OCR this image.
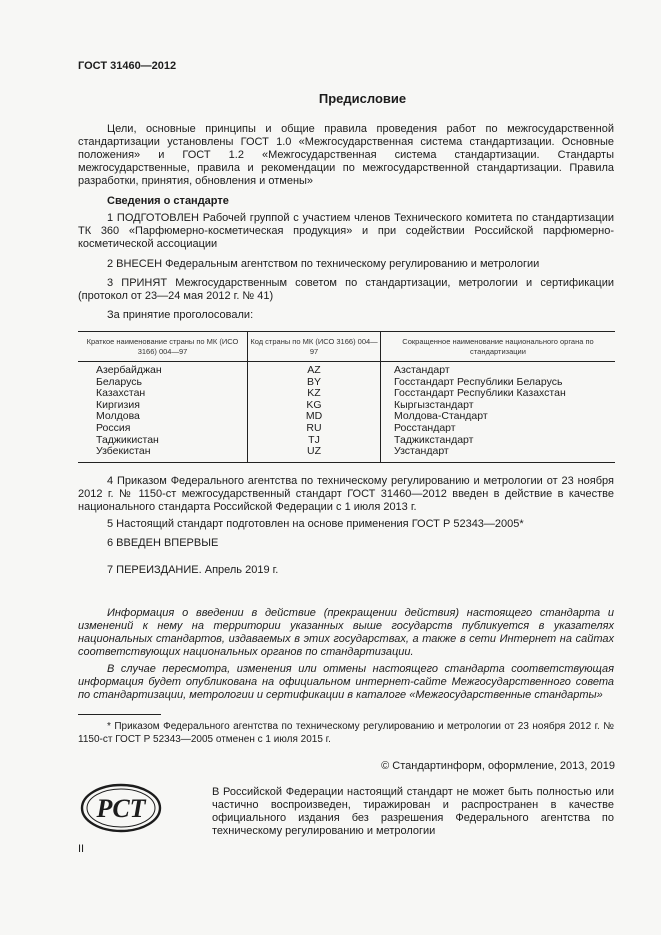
ГОСТ 31460—2012
Предисловие
Цели, основные принципы и общие правила проведения работ по межгосударственной стандартизации установлены ГОСТ 1.0 «Межгосударственная система стандартизации. Основные положения» и ГОСТ 1.2 «Межгосударственная система стандартизации. Стандарты межгосударственные, правила и рекомендации по межгосударственной стандартизации. Правила разработки, принятия, обновления и отмены»
Сведения о стандарте
1 ПОДГОТОВЛЕН Рабочей группой с участием членов Технического комитета по стандартизации ТК 360 «Парфюмерно-косметическая продукция» и при содействии Российской парфюмерно-косметической ассоциации
2 ВНЕСЕН Федеральным агентством по техническому регулированию и метрологии
3 ПРИНЯТ Межгосударственным советом по стандартизации, метрологии и сертификации (протокол от 23—24 мая 2012 г. № 41)
За принятие проголосовали:
Краткое наименование страны по МК (ИСО 3166) 004—97	Код страны по МК (ИСО 3166) 004—97	Сокращенное наименование национального органа по стандартизации
Азербайджан	AZ	Азстандарт
Беларусь	BY	Госстандарт Республики Беларусь
Казахстан	KZ	Госстандарт Республики Казахстан
Киргизия	KG	Кыргызстандарт
Молдова	MD	Молдова-Стандарт
Россия	RU	Росстандарт
Таджикистан	TJ	Таджикстандарт
Узбекистан	UZ	Узстандарт
4 Приказом Федерального агентства по техническому регулированию и метрологии от 23 ноября 2012 г. № 1150-ст межгосударственный стандарт ГОСТ 31460—2012 введен в действие в качестве национального стандарта Российской Федерации с 1 июля 2013 г.
5 Настоящий стандарт подготовлен на основе применения ГОСТ Р 52343—2005*
6 ВВЕДЕН ВПЕРВЫЕ
7 ПЕРЕИЗДАНИЕ. Апрель 2019 г.
Информация о введении в действие (прекращении действия) настоящего стандарта и изменений к нему на территории указанных выше государств публикуется в указателях национальных стандартов, издаваемых в этих государствах, а также в сети Интернет на сайтах соответствующих национальных органов по стандартизации.
В случае пересмотра, изменения или отмены настоящего стандарта соответствующая информация будет опубликована на официальном интернет-сайте Межгосударственного совета по стандартизации, метрологии и сертификации в каталоге «Межгосударственные стандарты»
* Приказом Федерального агентства по техническому регулированию и метрологии от 23 ноября 2012 г. № 1150-ст ГОСТ Р 52343—2005 отменен с 1 июля 2015 г.
© Стандартинформ, оформление, 2013, 2019
PCT
В Российской Федерации настоящий стандарт не может быть полностью или частично воспроизведен, тиражирован и распространен в качестве официального издания без разрешения Федерального агентства по техническому регулированию и метрологии
II
